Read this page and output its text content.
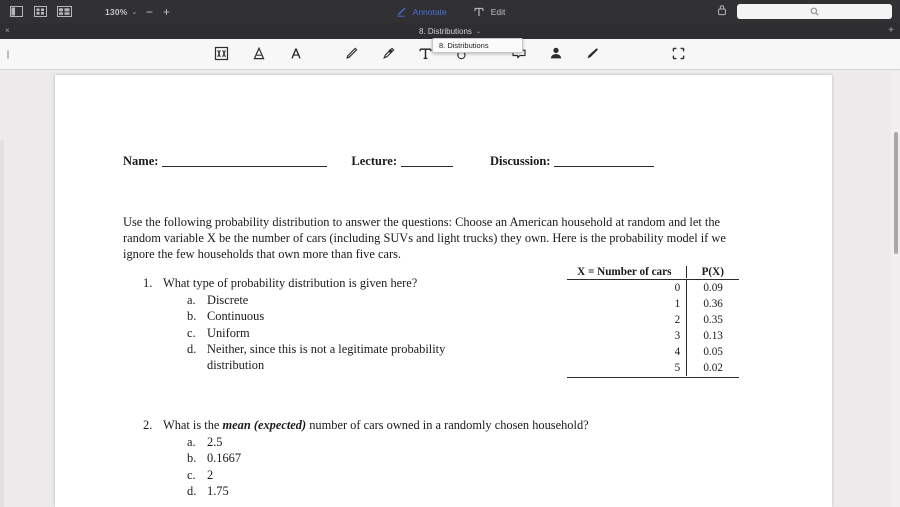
130% ⌄ − +	Annotate	Edit
×	8. Distributions ⌄	+
8. Distributions
Name:	Lecture:	Discussion:
Use the following probability distribution to answer the questions: Choose an American household at random and let the random variable X be the number of cars (including SUVs and light trucks) they own. Here is the probability model if we ignore the few households that own more than five cars.
1. What type of probability distribution is given here?
a. Discrete
b. Continuous
c. Uniform
d. Neither, since this is not a legitimate probability
distribution
2. What is the mean (expected) number of cars owned in a randomly chosen household?
a. 2.5
b. 0.1667
c. 2
d. 1.75
X = Number of cars	P(X)
0	0.09
1	0.36
2	0.35
3	0.13
4	0.05
5	0.02
